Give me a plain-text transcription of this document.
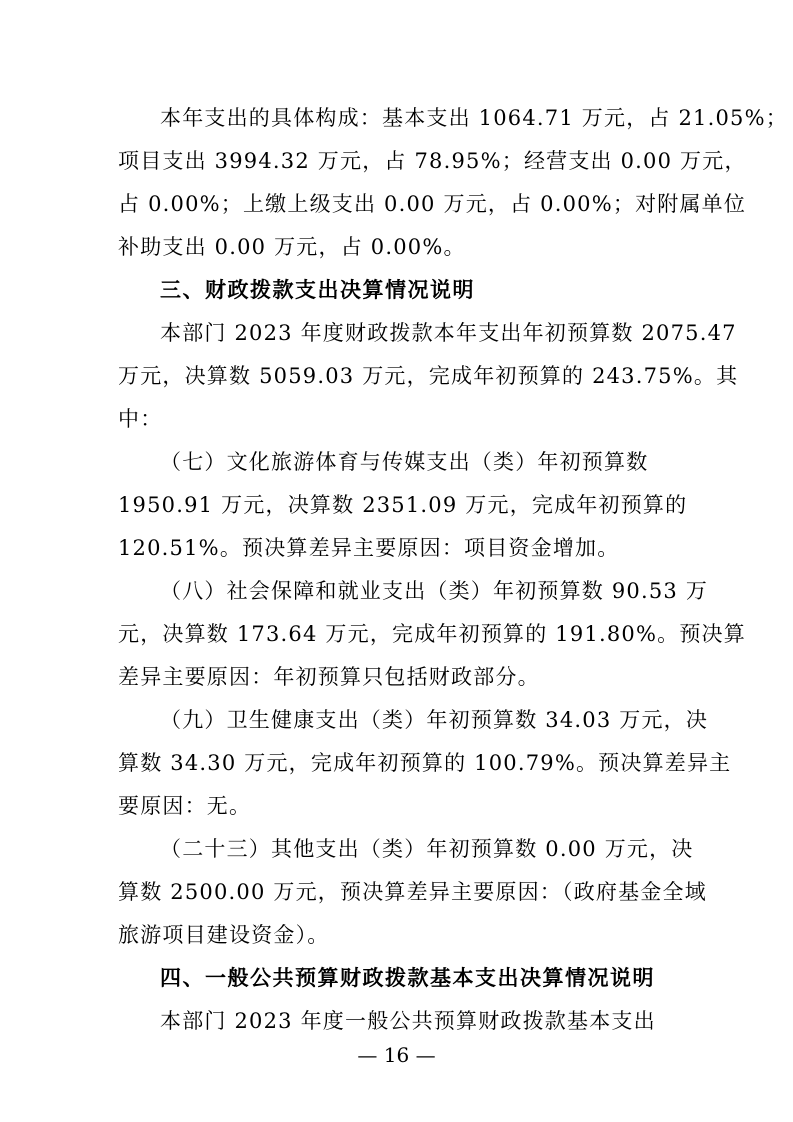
本年支出的具体构成：基本支出 1064.71 万元，占 21.05%；
项目支出 3994.32 万元，占 78.95%；经营支出 0.00 万元，
占 0.00%；上缴上级支出 0.00 万元，占 0.00%；对附属单位
补助支出 0.00 万元，占 0.00%。
三、财政拨款支出决算情况说明
本部门 2023 年度财政拨款本年支出年初预算数 2075.47
万元，决算数 5059.03 万元，完成年初预算的 243.75%。其
中：
（七）文化旅游体育与传媒支出（类）年初预算数
1950.91 万元，决算数 2351.09 万元，完成年初预算的
120.51%。预决算差异主要原因：项目资金增加。
（八）社会保障和就业支出（类）年初预算数 90.53 万
元，决算数 173.64 万元，完成年初预算的 191.80%。预决算
差异主要原因：年初预算只包括财政部分。
（九）卫生健康支出（类）年初预算数 34.03 万元，决
算数 34.30 万元，完成年初预算的 100.79%。预决算差异主
要原因：无。
（二十三）其他支出（类）年初预算数 0.00 万元，决
算数 2500.00 万元，预决算差异主要原因：（政府基金全域
旅游项目建设资金）。
四、一般公共预算财政拨款基本支出决算情况说明
本部门 2023 年度一般公共预算财政拨款基本支出
— 16 —
